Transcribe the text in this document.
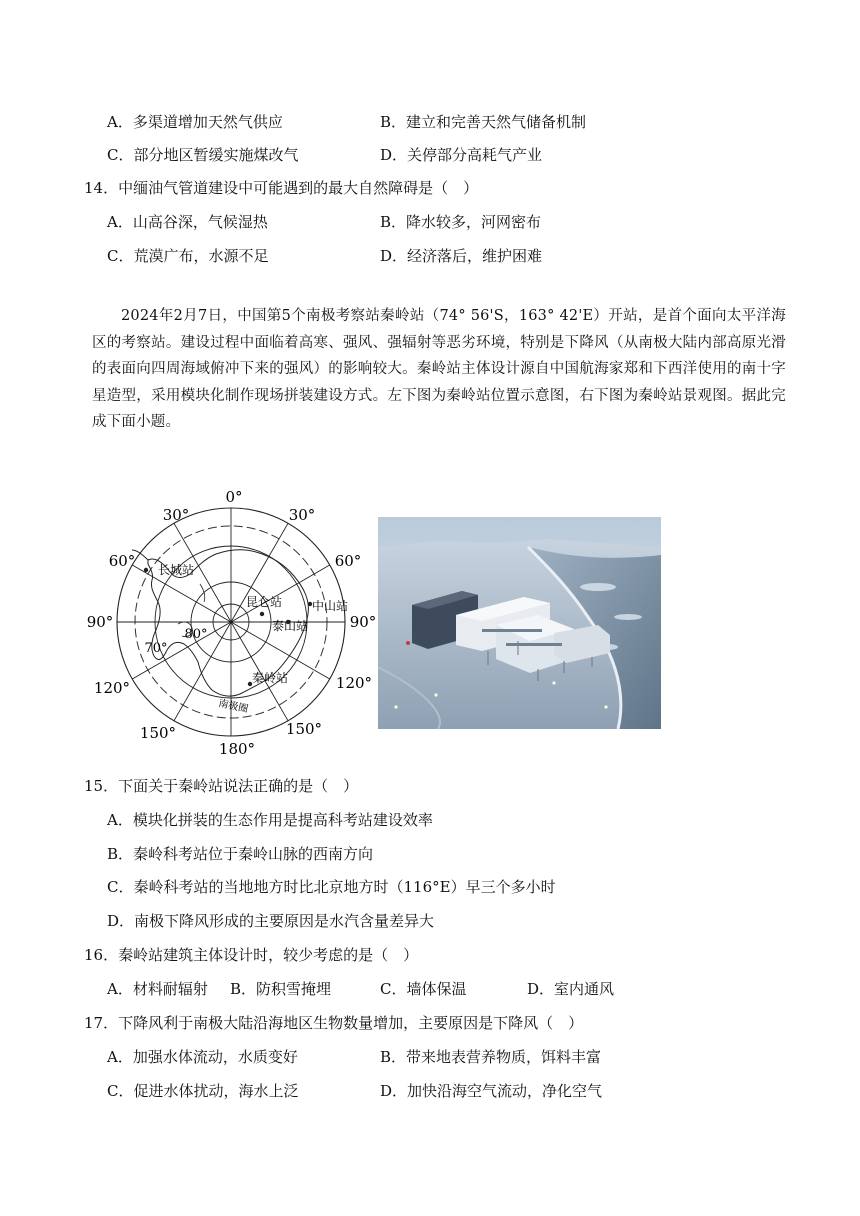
A．多渠道增加天然气供应	B．建立和完善天然气储备机制
C．部分地区暂缓实施煤改气	D．关停部分高耗气产业
14．中缅油气管道建设中可能遇到的最大自然障碍是（　）
A．山高谷深，气候湿热	B．降水较多，河网密布
C．荒漠广布，水源不足	D．经济落后，维护困难

2024年2月7日，中国第5个南极考察站秦岭站（74° 56'S，163° 42'E）开站，是首个面向太平洋海区的考察站。建设过程中面临着高寒、强风、强辐射等恶劣环境，特别是下降风（从南极大陆内部高原光滑的表面向四周海域俯冲下来的强风）的影响较大。秦岭站主体设计源自中国航海家郑和下西洋使用的南十字星造型，采用模块化制作现场拼装建设方式。左下图为秦岭站位置示意图，右下图为秦岭站景观图。据此完成下面小题。

0°
30°	30°
60°	60°
90°	90°
120°	120°
150°	150°
180°
80°
70°
长城站
昆仑站 中山站
泰山站
秦岭站
南极圈
15．下面关于秦岭站说法正确的是（　）
A．模块化拼装的生态作用是提高科考站建设效率
B．秦岭科考站位于秦岭山脉的西南方向
C．秦岭科考站的当地地方时比北京地方时（116°E）早三个多小时
D．南极下降风形成的主要原因是水汽含量差异大
16．秦岭站建筑主体设计时，较少考虑的是（　）
A．材料耐辐射 B．防积雪掩埋	C．墙体保温	D．室内通风
17．下降风利于南极大陆沿海地区生物数量增加，主要原因是下降风（　）
A．加强水体流动，水质变好	B．带来地表营养物质，饵料丰富
C．促进水体扰动，海水上泛	D．加快沿海空气流动，净化空气
